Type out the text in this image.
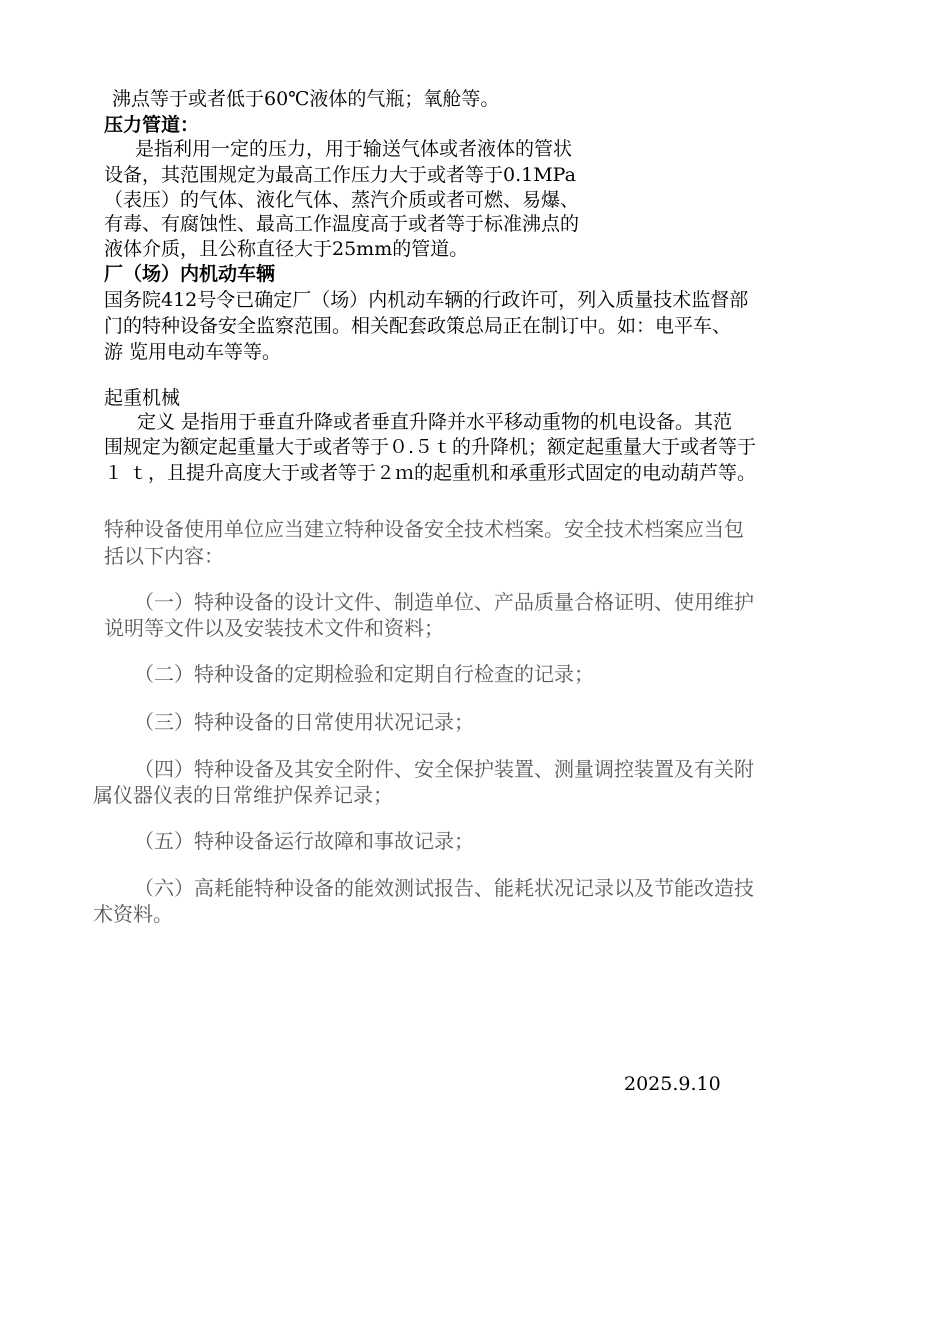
沸点等于或者低于60℃液体的气瓶；氧舱等。
压力管道：
是指利用一定的压力，用于输送气体或者液体的管状
设备，其范围规定为最高工作压力大于或者等于0.1MPa
（表压）的气体、液化气体、蒸汽介质或者可燃、易爆、
有毒、有腐蚀性、最高工作温度高于或者等于标准沸点的
液体介质，且公称直径大于25mm的管道。
厂（场）内机动车辆
国务院412号令已确定厂（场）内机动车辆的行政许可，列入质量技术监督部
门的特种设备安全监察范围。相关配套政策总局正在制订中。如：电平车、
游 览用电动车等等。
起重机械
定义 是指用于垂直升降或者垂直升降并水平移动重物的机电设备。其范
围规定为额定起重量大于或者等于０.５ｔ的升降机；额定起重量大于或者等于
１ ｔ，且提升高度大于或者等于２ｍ的起重机和承重形式固定的电动葫芦等。
特种设备使用单位应当建立特种设备安全技术档案。安全技术档案应当包
括以下内容：
（一）特种设备的设计文件、制造单位、产品质量合格证明、使用维护
说明等文件以及安装技术文件和资料；
（二）特种设备的定期检验和定期自行检查的记录；
（三）特种设备的日常使用状况记录；
（四）特种设备及其安全附件、安全保护装置、测量调控装置及有关附
属仪器仪表的日常维护保养记录；
（五）特种设备运行故障和事故记录；
（六）高耗能特种设备的能效测试报告、能耗状况记录以及节能改造技
术资料。
2025.9.10
